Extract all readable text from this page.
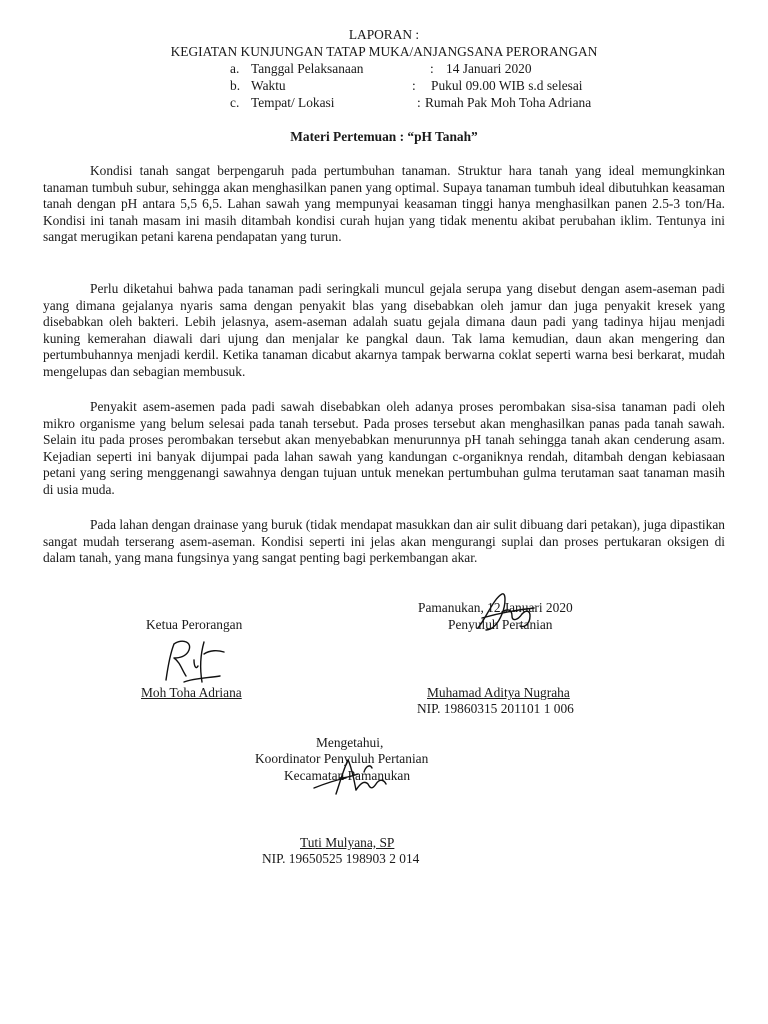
LAPORAN :
KEGIATAN KUNJUNGAN TATAP MUKA/ANJANGSANA PERORANGAN
a. Tanggal Pelaksanaan	: 14 Januari 2020
b. Waktu	: Pukul 09.00 WIB s.d selesai
c. Tempat/ Lokasi	: Rumah Pak Moh Toha Adriana
Materi Pertemuan : “pH Tanah”

Kondisi tanah sangat berpengaruh pada pertumbuhan tanaman. Struktur hara tanah yang ideal memungkinkan tanaman tumbuh subur, sehingga akan menghasilkan panen yang optimal. Supaya tanaman tumbuh ideal dibutuhkan keasaman tanah dengan pH antara 5,5 6,5. Lahan sawah yang mempunyai keasaman tinggi hanya menghasilkan panen 2.5-3 ton/Ha. Kondisi ini tanah masam ini masih ditambah kondisi curah hujan yang tidak menentu akibat perubahan iklim. Tentunya ini sangat merugikan petani karena pendapatan yang turun.

Perlu diketahui bahwa pada tanaman padi seringkali muncul gejala serupa yang disebut dengan asem-aseman padi yang dimana gejalanya nyaris sama dengan penyakit blas yang disebabkan oleh jamur dan juga penyakit kresek yang disebabkan oleh bakteri. Lebih jelasnya, asem-aseman adalah suatu gejala dimana daun padi yang tadinya hijau menjadi kuning kemerahan diawali dari ujung dan menjalar ke pangkal daun. Tak lama kemudian, daun akan mengering dan pertumbuhannya menjadi kerdil. Ketika tanaman dicabut akarnya tampak berwarna coklat seperti warna besi berkarat, mudah mengelupas dan sebagian membusuk.

Penyakit asem-asemen pada padi sawah disebabkan oleh adanya proses perombakan sisa-sisa tanaman padi oleh mikro organisme yang belum selesai pada tanah tersebut. Pada proses tersebut akan menghasilkan panas pada tanah sawah. Selain itu pada proses perombakan tersebut akan menyebabkan menurunnya pH tanah sehingga tanah akan cenderung asam. Kejadian seperti ini banyak dijumpai pada lahan sawah yang kandungan c-organiknya rendah, ditambah dengan kebiasaan petani yang sering menggenangi sawahnya dengan tujuan untuk menekan pertumbuhan gulma terutaman saat tanaman masih di usia muda.

Pada lahan dengan drainase yang buruk (tidak mendapat masukkan dan air sulit dibuang dari petakan), juga dipastikan sangat mudah terserang asem-aseman. Kondisi seperti ini jelas akan mengurangi suplai dan proses pertukaran oksigen di dalam tanah, yang mana fungsinya yang sangat penting bagi perkembangan akar.

Pamanukan, 12 Januari 2020
Ketua Perorangan	Penyuluh Pertanian
Moh Toha Adriana	Muhamad Aditya Nugraha
NIP. 19860315 201101 1 006
Mengetahui,
Koordinator Penyuluh Pertanian
Kecamatan Pamanukan
Tuti Mulyana, SP
NIP. 19650525 198903 2 014
